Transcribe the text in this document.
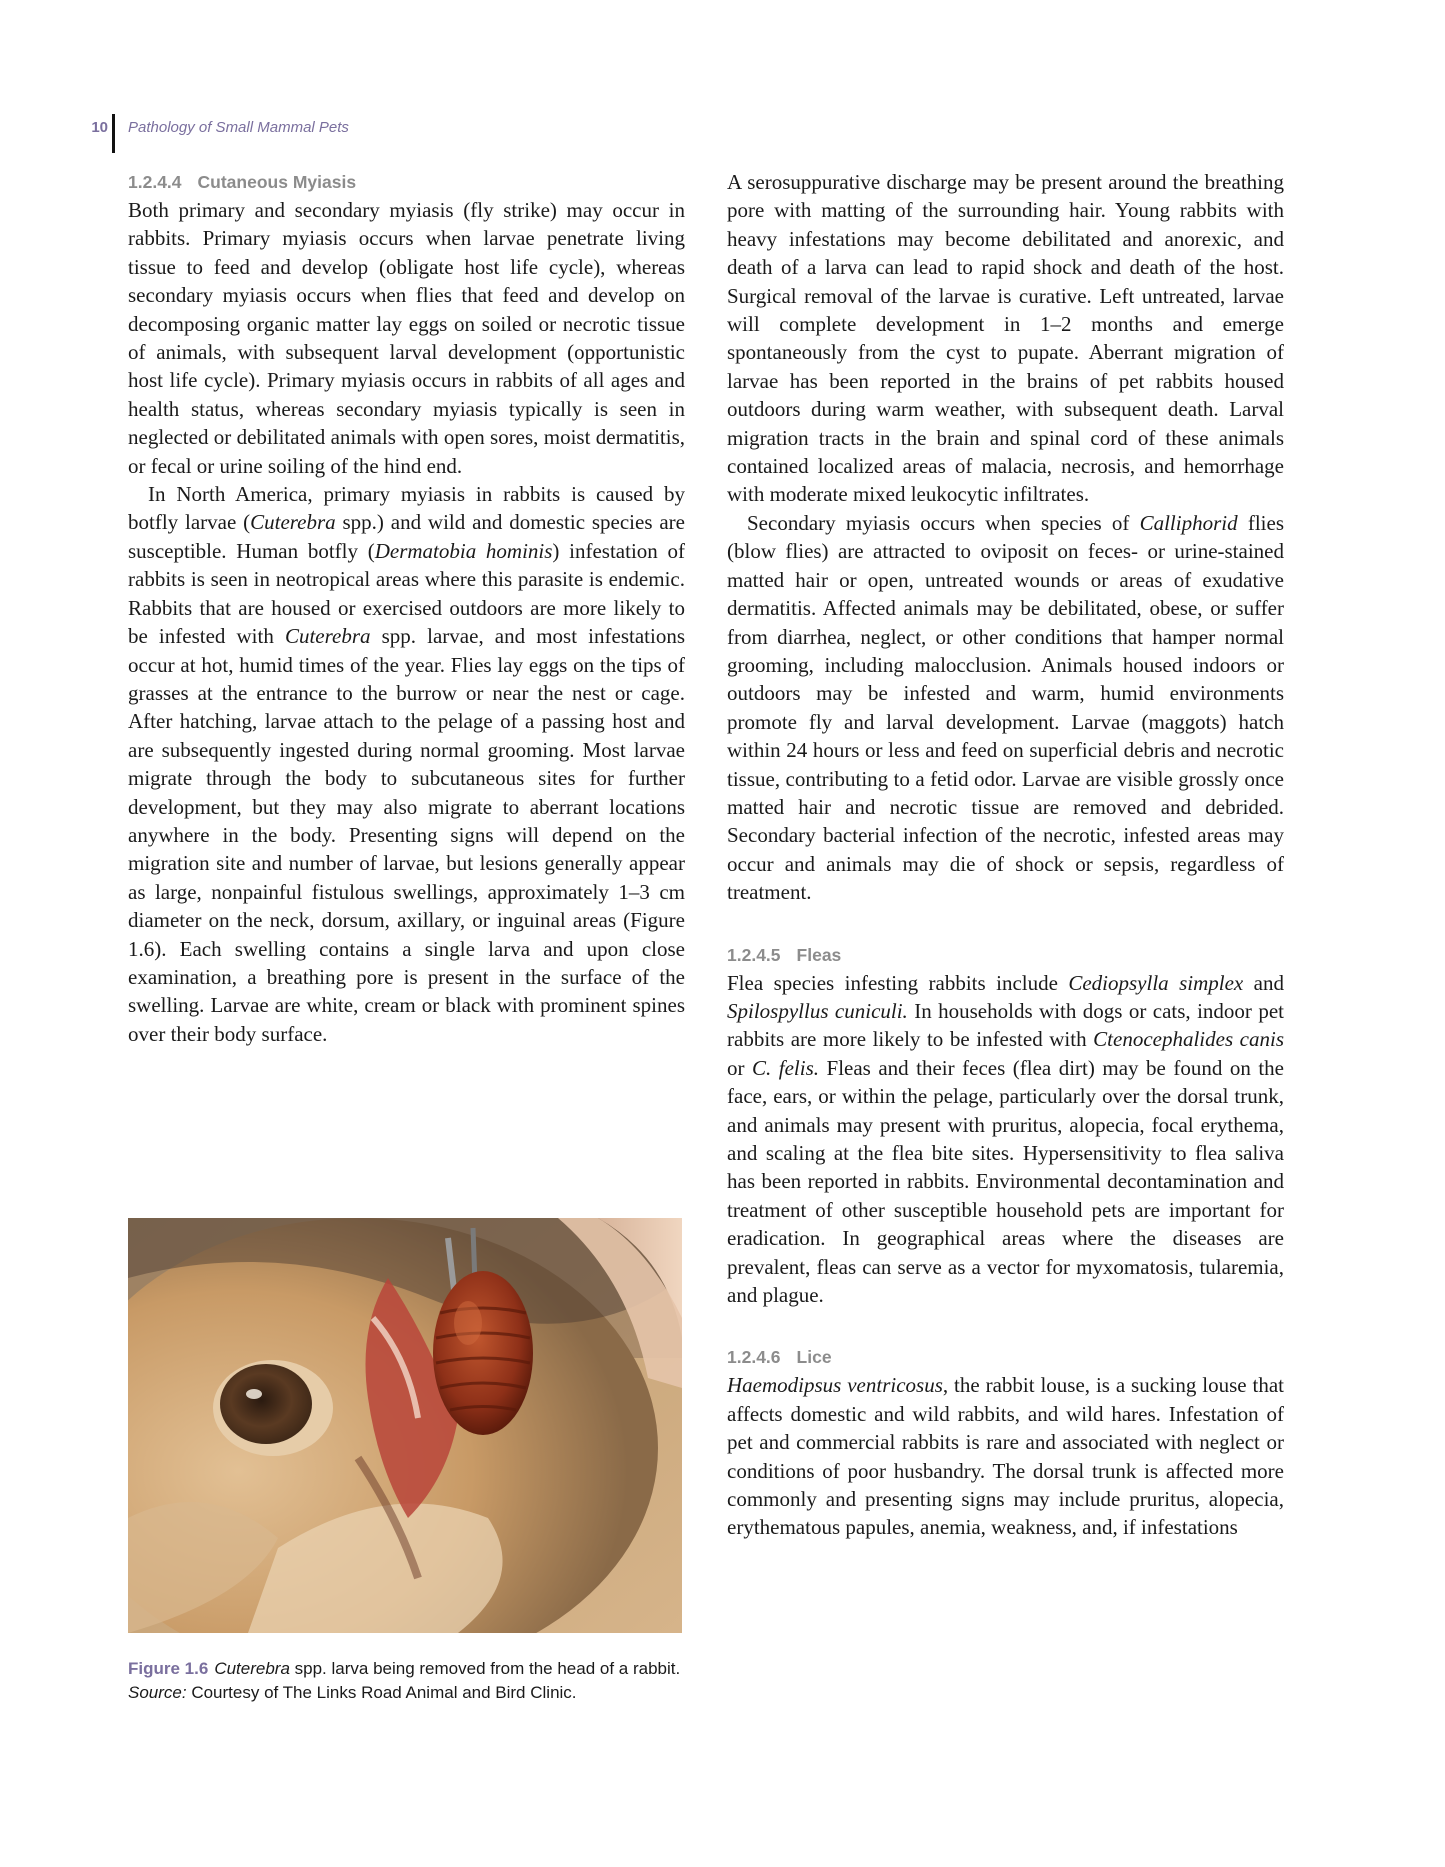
10 Pathology of Small Mammal Pets
1.2.4.4 Cutaneous Myiasis

Both primary and secondary myiasis (fly strike) may occur in rabbits. Primary myiasis occurs when larvae penetrate living tissue to feed and develop (obligate host life cycle), whereas secondary myiasis occurs when flies that feed and develop on decomposing organic matter lay eggs on soiled or necrotic tissue of animals, with subsequent larval development (opportunistic host life cycle). Primary myiasis occurs in rabbits of all ages and health status, whereas secondary myiasis typically is seen in neglected or debilitated animals with open sores, moist dermatitis, or fecal or urine soiling of the hind end.

In North America, primary myiasis in rabbits is caused by botfly larvae (Cuterebra spp.) and wild and domestic species are susceptible. Human botfly (Dermatobia hominis) infestation of rabbits is seen in neotropical areas where this parasite is endemic. Rabbits that are housed or exercised outdoors are more likely to be infested with Cuterebra spp. larvae, and most infestations occur at hot, humid times of the year. Flies lay eggs on the tips of grasses at the entrance to the burrow or near the nest or cage. After hatching, larvae attach to the pelage of a passing host and are subsequently ingested during normal grooming. Most larvae migrate through the body to subcutaneous sites for further development, but they may also migrate to aberrant locations anywhere in the body. Presenting signs will depend on the migration site and number of larvae, but lesions generally appear as large, nonpainful fistulous swellings, approximately 1–3 cm diameter on the neck, dorsum, axillary, or inguinal areas (Figure 1.6). Each swelling contains a single larva and upon close examination, a breathing pore is present in the surface of the swelling. Larvae are white, cream or black with prominent spines over their body surface.

Figure 1.6 Cuterebra spp. larva being removed from the head of a rabbit. Source: Courtesy of The Links Road Animal and Bird Clinic.

A serosuppurative discharge may be present around the breathing pore with matting of the surrounding hair. Young rabbits with heavy infestations may become debilitated and anorexic, and death of a larva can lead to rapid shock and death of the host. Surgical removal of the larvae is curative. Left untreated, larvae will complete development in 1–2 months and emerge spontaneously from the cyst to pupate. Aberrant migration of larvae has been reported in the brains of pet rabbits housed outdoors during warm weather, with subsequent death. Larval migration tracts in the brain and spinal cord of these animals contained localized areas of malacia, necrosis, and hemorrhage with moderate mixed leukocytic infiltrates.

Secondary myiasis occurs when species of Calliphorid flies (blow flies) are attracted to oviposit on feces- or urine-stained matted hair or open, untreated wounds or areas of exudative dermatitis. Affected animals may be debilitated, obese, or suffer from diarrhea, neglect, or other conditions that hamper normal grooming, including malocclusion. Animals housed indoors or outdoors may be infested and warm, humid environments promote fly and larval development. Larvae (maggots) hatch within 24 hours or less and feed on superficial debris and necrotic tissue, contributing to a fetid odor. Larvae are visible grossly once matted hair and necrotic tissue are removed and debrided. Secondary bacterial infection of the necrotic, infested areas may occur and animals may die of shock or sepsis, regardless of treatment.

1.2.4.5 Fleas

Flea species infesting rabbits include Cediopsylla simplex and Spilospyllus cuniculi. In households with dogs or cats, indoor pet rabbits are more likely to be infested with Ctenocephalides canis or C. felis. Fleas and their feces (flea dirt) may be found on the face, ears, or within the pelage, particularly over the dorsal trunk, and animals may present with pruritus, alopecia, focal erythema, and scaling at the flea bite sites. Hypersensitivity to flea saliva has been reported in rabbits. Environmental decontamination and treatment of other susceptible household pets are important for eradication. In geographical areas where the diseases are prevalent, fleas can serve as a vector for myxomatosis, tularemia, and plague.

1.2.4.6 Lice

Haemodipsus ventricosus, the rabbit louse, is a sucking louse that affects domestic and wild rabbits, and wild hares. Infestation of pet and commercial rabbits is rare and associated with neglect or conditions of poor husbandry. The dorsal trunk is affected more commonly and presenting signs may include pruritus, alopecia, erythematous papules, anemia, weakness, and, if infestations
